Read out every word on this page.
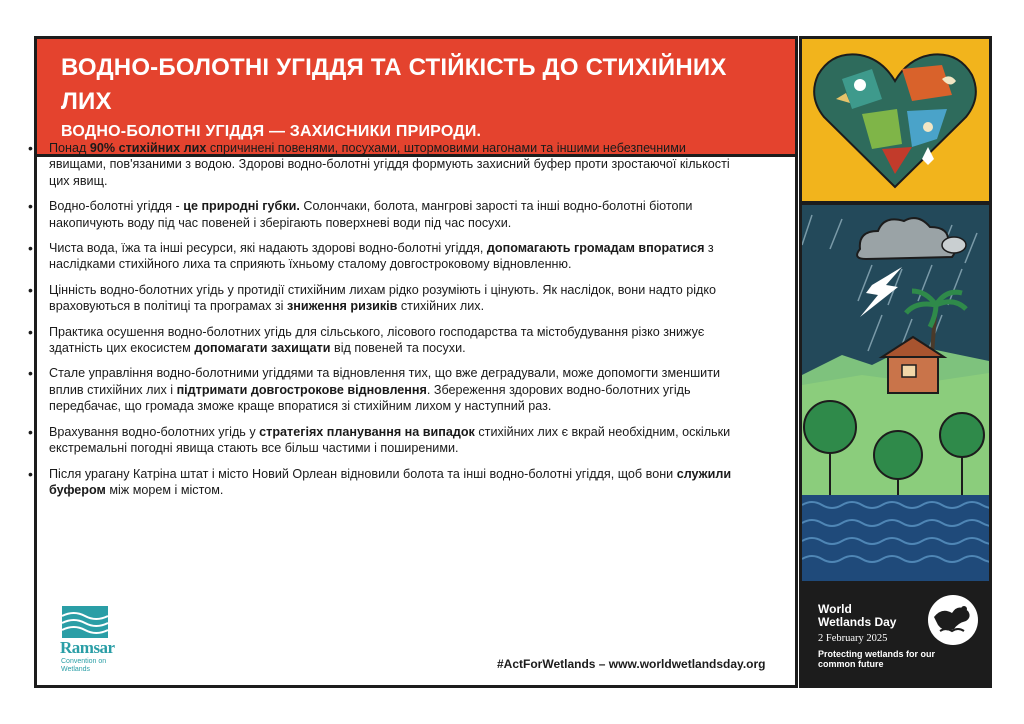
ВОДНО-БОЛОТНІ УГІДДЯ ТА СТІЙКІСТЬ ДО СТИХІЙНИХ ЛИХ
ВОДНО-БОЛОТНІ УГІДДЯ — ЗАХИСНИКИ ПРИРОДИ.
• Понад 90% стихійних лих спричинені повенями, посухами, штормовими нагонами та іншими небезпечними явищами, пов'язаними з водою. Здорові водно-болотні угіддя формують захисний буфер проти зростаючої кількості цих явищ.
• Водно-болотні угіддя - це природні губки. Солончаки, болота, мангрові зарості та інші водно-болотні біотопи накопичують воду під час повеней і зберігають поверхневі води під час посухи.
• Чиста вода, їжа та інші ресурси, які надають здорові водно-болотні угіддя, допомагають громадам впоратися з наслідками стихійного лиха та сприяють їхньому сталому довгостроковому відновленню.
• Цінність водно-болотних угідь у протидії стихійним лихам рідко розуміють і цінують. Як наслідок, вони надто рідко враховуються в політиці та програмах зі зниження ризиків стихійних лих.
• Практика осушення водно-болотних угідь для сільського, лісового господарства та містобудування різко знижує здатність цих екосистем допомагати захищати від повеней та посухи.
• Стале управління водно-болотними угіддями та відновлення тих, що вже деградували, може допомогти зменшити вплив стихійних лих і підтримати довгострокове відновлення. Збереження здорових водно-болотних угідь передбачає, що громада зможе краще впоратися зі стихійним лихом у наступний раз.
• Врахування водно-болотних угідь у стратегіях планування на випадок стихійних лих є вкрай необхідним, оскільки екстремальні погодні явища стають все більш частими і поширеними.
• Після урагану Катріна штат і місто Новий Орлеан відновили болота та інші водно-болотні угіддя, щоб вони служили буфером між морем і містом.
Ramsar
Convention on Wetlands	#ActForWetlands – www.worldwetlandsday.org
World Wetlands Day
2 February 2025
Protecting wetlands for our common future
